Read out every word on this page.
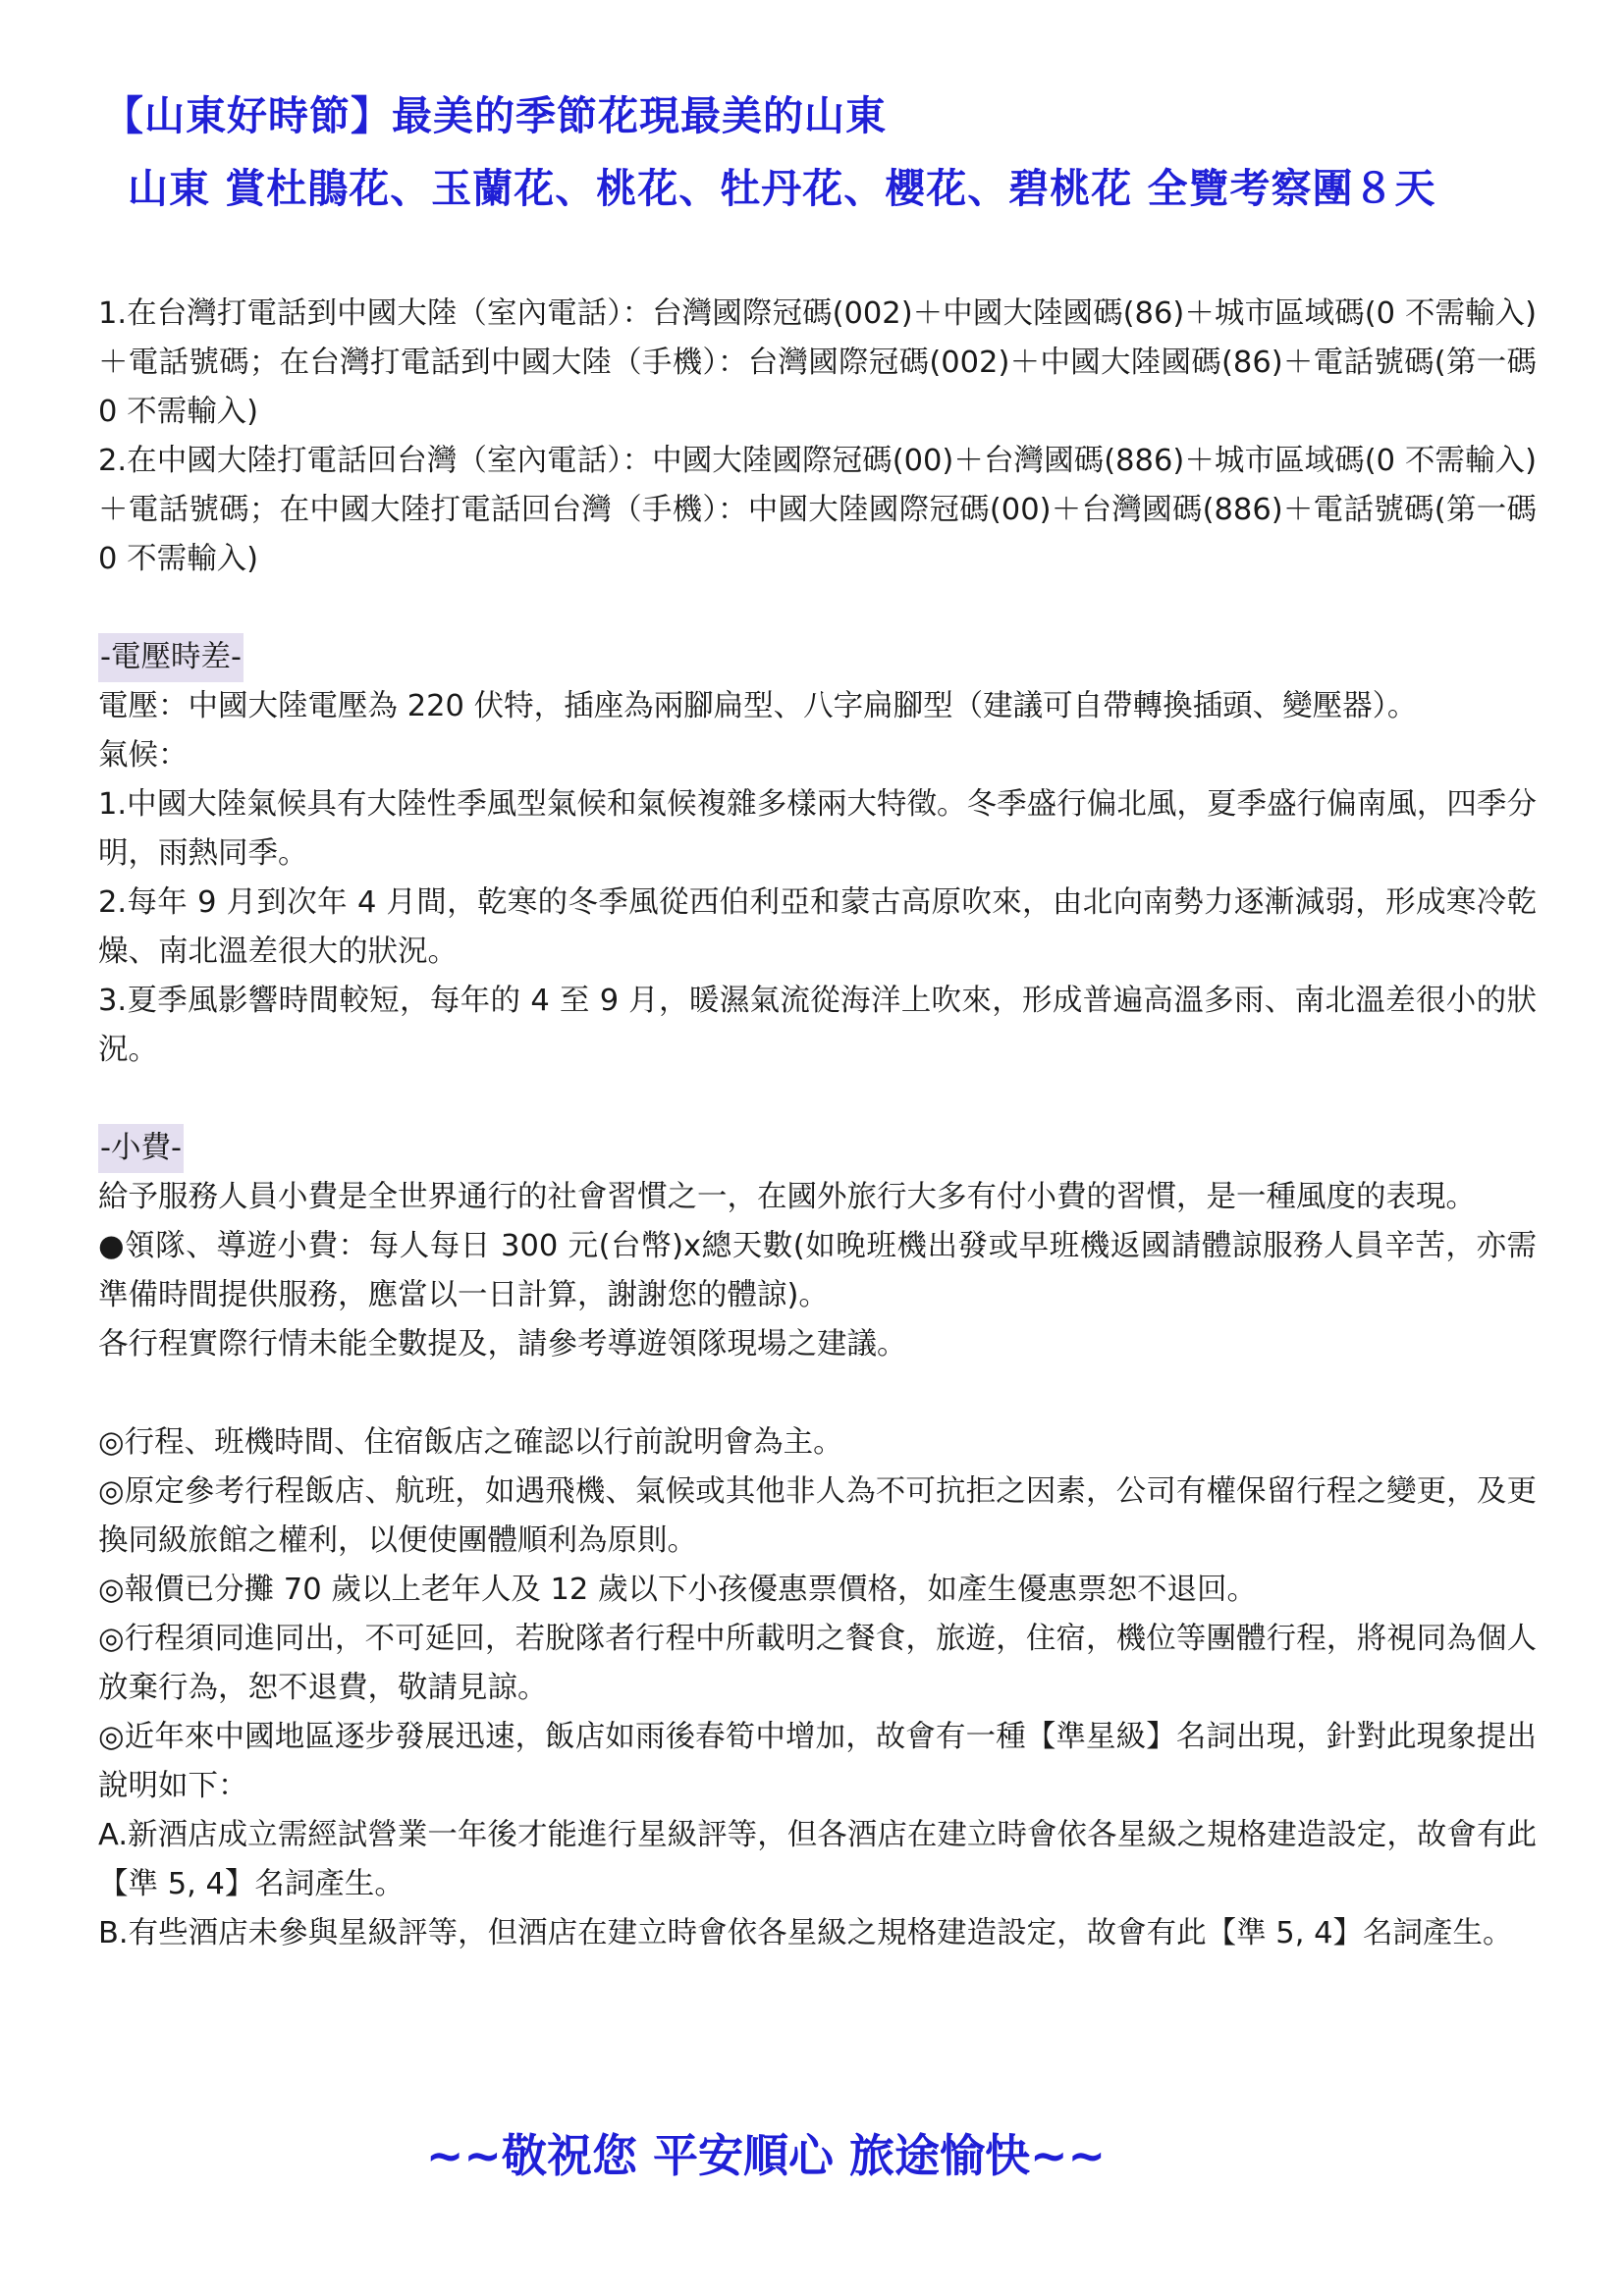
【山東好時節】最美的季節花現最美的山東
山東 賞杜鵑花、玉蘭花、桃花、牡丹花、櫻花、碧桃花 全覽考察團８天

1.在台灣打電話到中國大陸（室內電話）：台灣國際冠碼(002)＋中國大陸國碼(86)＋城市區域碼(0 不需輸入)＋電話號碼；在台灣打電話到中國大陸（手機）：台灣國際冠碼(002)＋中國大陸國碼(86)＋電話號碼(第一碼 0 不需輸入)

2.在中國大陸打電話回台灣（室內電話）：中國大陸國際冠碼(00)＋台灣國碼(886)＋城市區域碼(0 不需輸入)＋電話號碼；在中國大陸打電話回台灣（手機）：中國大陸國際冠碼(00)＋台灣國碼(886)＋電話號碼(第一碼 0 不需輸入)

-電壓時差-

電壓：中國大陸電壓為 220 伏特，插座為兩腳扁型、八字扁腳型（建議可自帶轉換插頭、變壓器）。

氣候：

1.中國大陸氣候具有大陸性季風型氣候和氣候複雜多樣兩大特徵。冬季盛行偏北風，夏季盛行偏南風，四季分明，雨熱同季。

2.每年 9 月到次年 4 月間，乾寒的冬季風從西伯利亞和蒙古高原吹來，由北向南勢力逐漸減弱，形成寒冷乾燥、南北溫差很大的狀況。

3.夏季風影響時間較短，每年的 4 至 9 月，暖濕氣流從海洋上吹來，形成普遍高溫多雨、南北溫差很小的狀況。

-小費-

給予服務人員小費是全世界通行的社會習慣之一，在國外旅行大多有付小費的習慣，是一種風度的表現。

●領隊、導遊小費：每人每日 300 元(台幣)x總天數(如晚班機出發或早班機返國請體諒服務人員辛苦，亦需準備時間提供服務，應當以一日計算，謝謝您的體諒)。

各行程實際行情未能全數提及，請參考導遊領隊現場之建議。

◎行程、班機時間、住宿飯店之確認以行前說明會為主。

◎原定參考行程飯店、航班，如遇飛機、氣候或其他非人為不可抗拒之因素，公司有權保留行程之變更，及更換同級旅館之權利，以便使團體順利為原則。

◎報價已分攤 70 歲以上老年人及 12 歲以下小孩優惠票價格，如產生優惠票恕不退回。

◎行程須同進同出，不可延回，若脫隊者行程中所載明之餐食，旅遊，住宿，機位等團體行程，將視同為個人放棄行為，恕不退費，敬請見諒。

◎近年來中國地區逐步發展迅速，飯店如雨後春筍中增加，故會有一種【準星級】名詞出現，針對此現象提出說明如下：

A.新酒店成立需經試營業一年後才能進行星級評等，但各酒店在建立時會依各星級之規格建造設定，故會有此【準 5, 4】名詞產生。

B.有些酒店未參與星級評等，但酒店在建立時會依各星級之規格建造設定，故會有此【準 5, 4】名詞產生。

~~敬祝您 平安順心 旅途愉快~~
